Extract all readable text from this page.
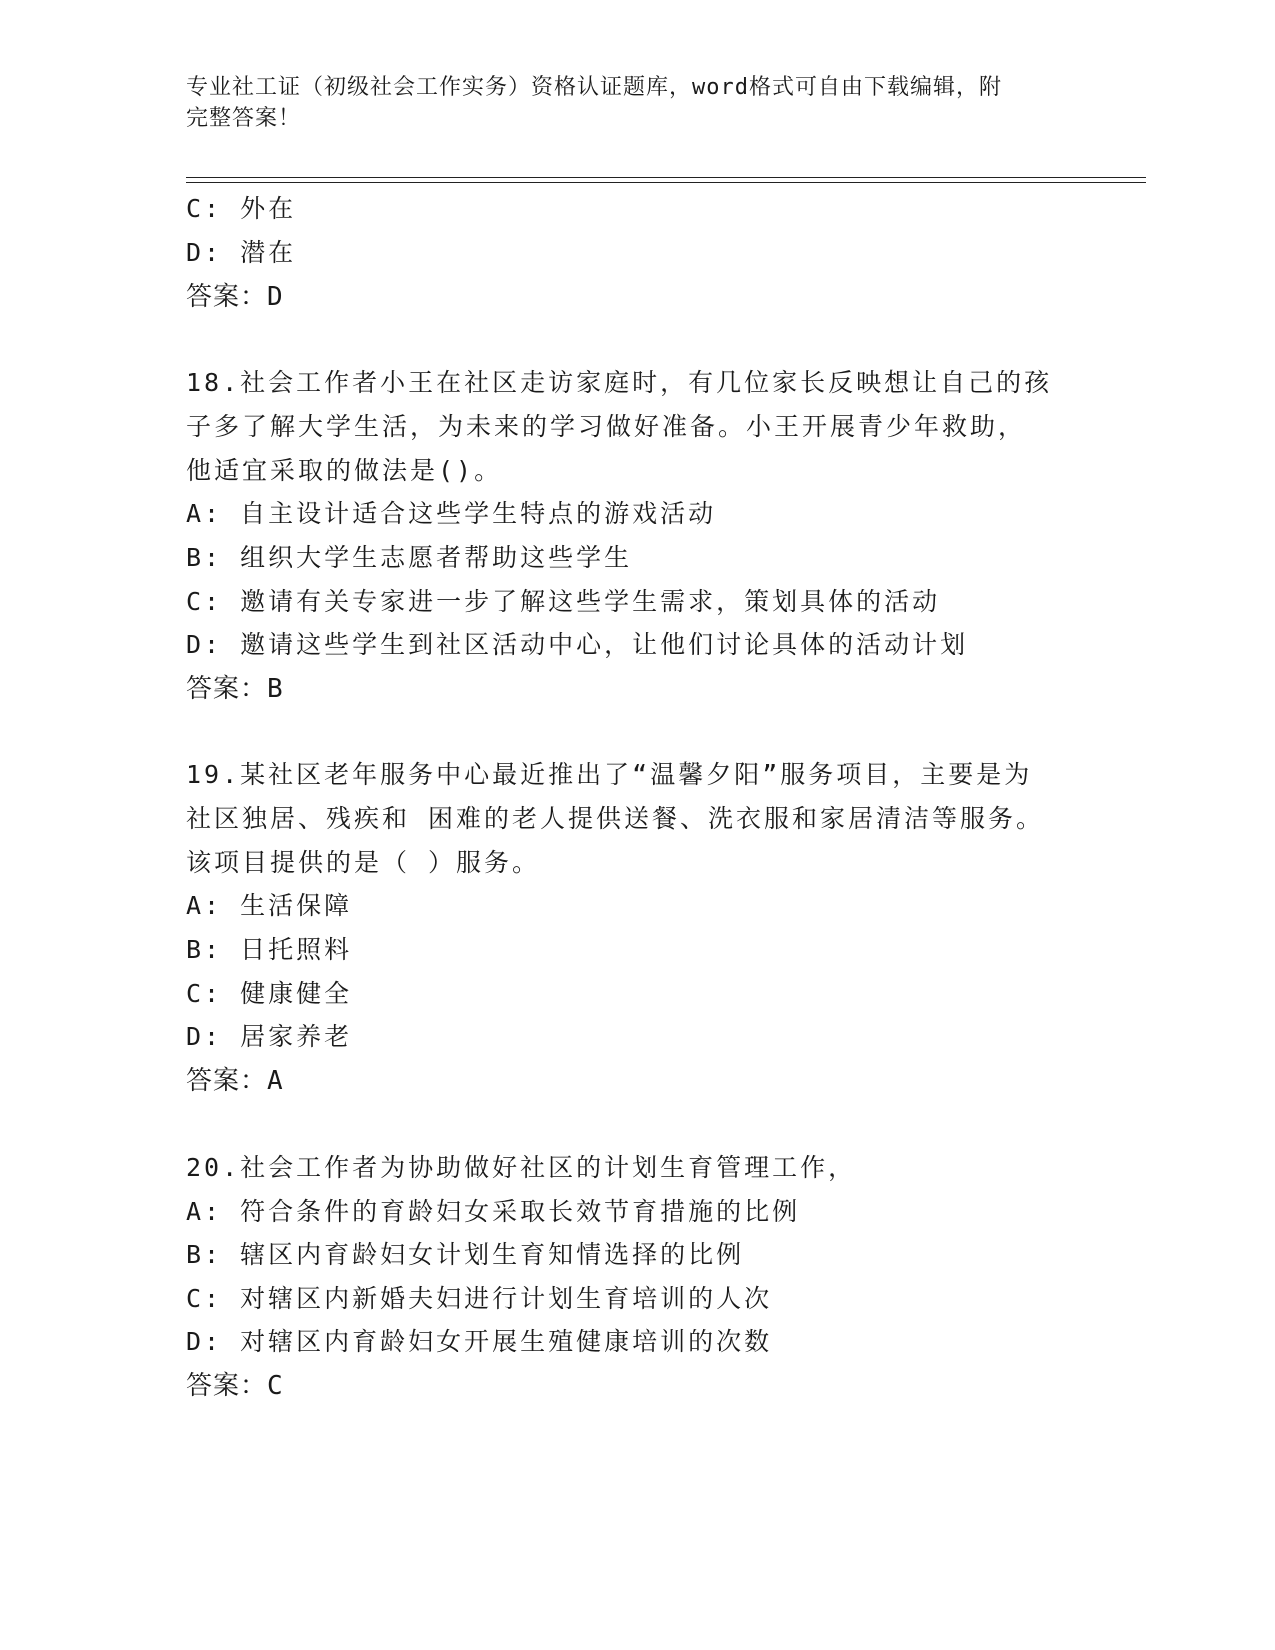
专业社工证（初级社会工作实务）资格认证题库，word格式可自由下载编辑，附
完整答案！
C: 外在
D: 潜在
答案：D
18.社会工作者小王在社区走访家庭时，有几位家长反映想让自己的孩
子多了解大学生活，为未来的学习做好准备。小王开展青少年救助，
他适宜采取的做法是()。
A: 自主设计适合这些学生特点的游戏活动
B: 组织大学生志愿者帮助这些学生
C: 邀请有关专家进一步了解这些学生需求，策划具体的活动
D: 邀请这些学生到社区活动中心，让他们讨论具体的活动计划
答案：B
19.某社区老年服务中心最近推出了“温馨夕阳”服务项目，主要是为
社区独居、残疾和 困难的老人提供送餐、洗衣服和家居清洁等服务。
该项目提供的是（ ）服务。
A: 生活保障
B: 日托照料
C: 健康健全
D: 居家养老
答案：A
20.社会工作者为协助做好社区的计划生育管理工作，
A: 符合条件的育龄妇女采取长效节育措施的比例
B: 辖区内育龄妇女计划生育知情选择的比例
C: 对辖区内新婚夫妇进行计划生育培训的人次
D: 对辖区内育龄妇女开展生殖健康培训的次数
答案：C
